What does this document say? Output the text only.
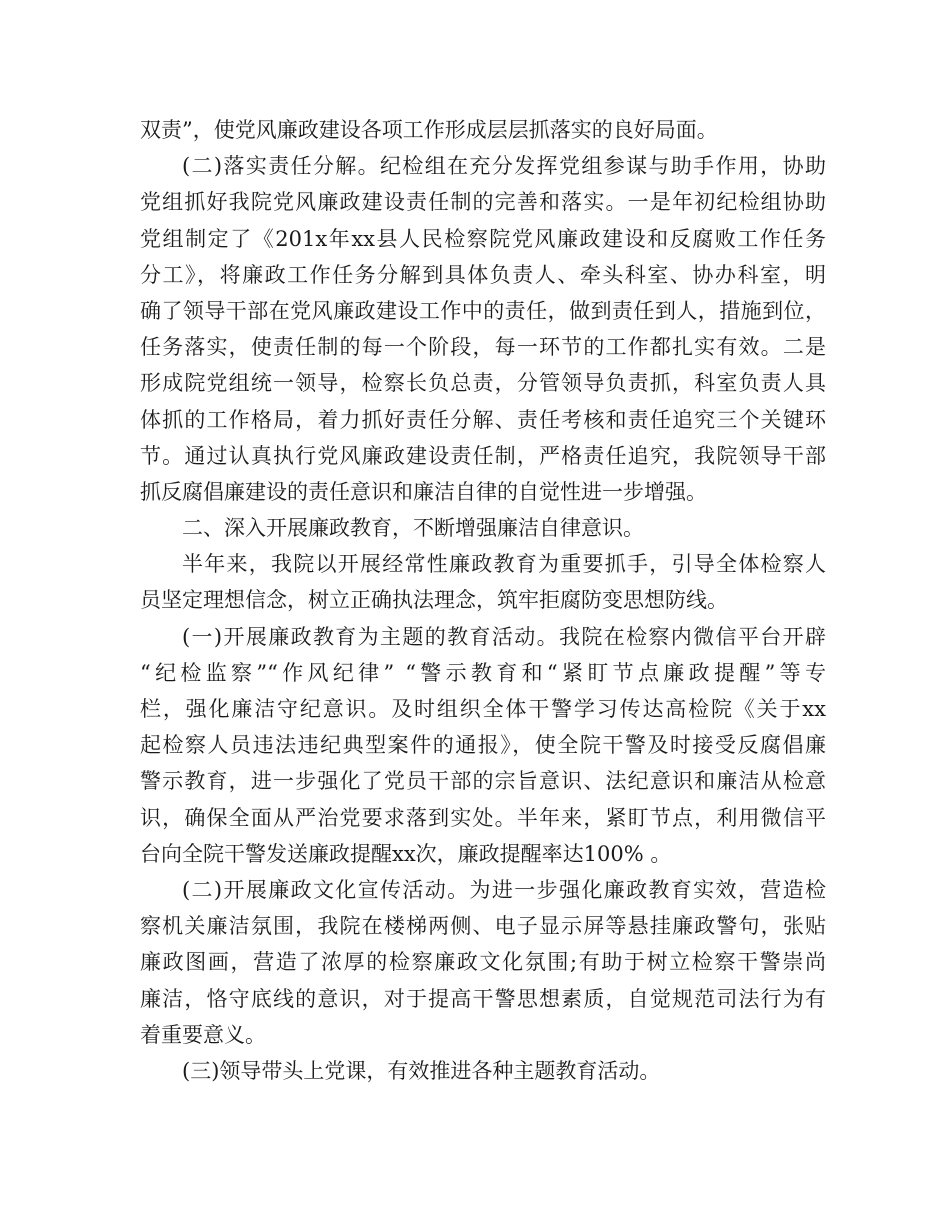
双责”，使党风廉政建设各项工作形成层层抓落实的良好局面。
(二)落实责任分解。纪检组在充分发挥党组参谋与助手作用，协助
党组抓好我院党风廉政建设责任制的完善和落实。一是年初纪检组协助
党组制定了《201x年xx县人民检察院党风廉政建设和反腐败工作任务
分工》，将廉政工作任务分解到具体负责人、牵头科室、协办科室，明
确了领导干部在党风廉政建设工作中的责任，做到责任到人，措施到位，
任务落实，使责任制的每一个阶段，每一环节的工作都扎实有效。二是
形成院党组统一领导，检察长负总责，分管领导负责抓，科室负责人具
体抓的工作格局，着力抓好责任分解、责任考核和责任追究三个关键环
节。通过认真执行党风廉政建设责任制，严格责任追究，我院领导干部
抓反腐倡廉建设的责任意识和廉洁自律的自觉性进一步增强。
二、深入开展廉政教育，不断增强廉洁自律意识。
半年来，我院以开展经常性廉政教育为重要抓手，引导全体检察人
员坚定理想信念，树立正确执法理念，筑牢拒腐防变思想防线。
(一)开展廉政教育为主题的教育活动。我院在检察内微信平台开辟
“纪检监察”“作风纪律” “警示教育和“紧盯节点廉政提醒”等专
栏，强化廉洁守纪意识。及时组织全体干警学习传达高检院《关于xx
起检察人员违法违纪典型案件的通报》，使全院干警及时接受反腐倡廉
警示教育，进一步强化了党员干部的宗旨意识、法纪意识和廉洁从检意
识，确保全面从严治党要求落到实处。半年来，紧盯节点，利用微信平
台向全院干警发送廉政提醒xx次，廉政提醒率达100% 。
(二)开展廉政文化宣传活动。为进一步强化廉政教育实效，营造检
察机关廉洁氛围，我院在楼梯两侧、电子显示屏等悬挂廉政警句，张贴
廉政图画，营造了浓厚的检察廉政文化氛围;有助于树立检察干警崇尚
廉洁，恪守底线的意识，对于提高干警思想素质，自觉规范司法行为有
着重要意义。
(三)领导带头上党课，有效推进各种主题教育活动。
